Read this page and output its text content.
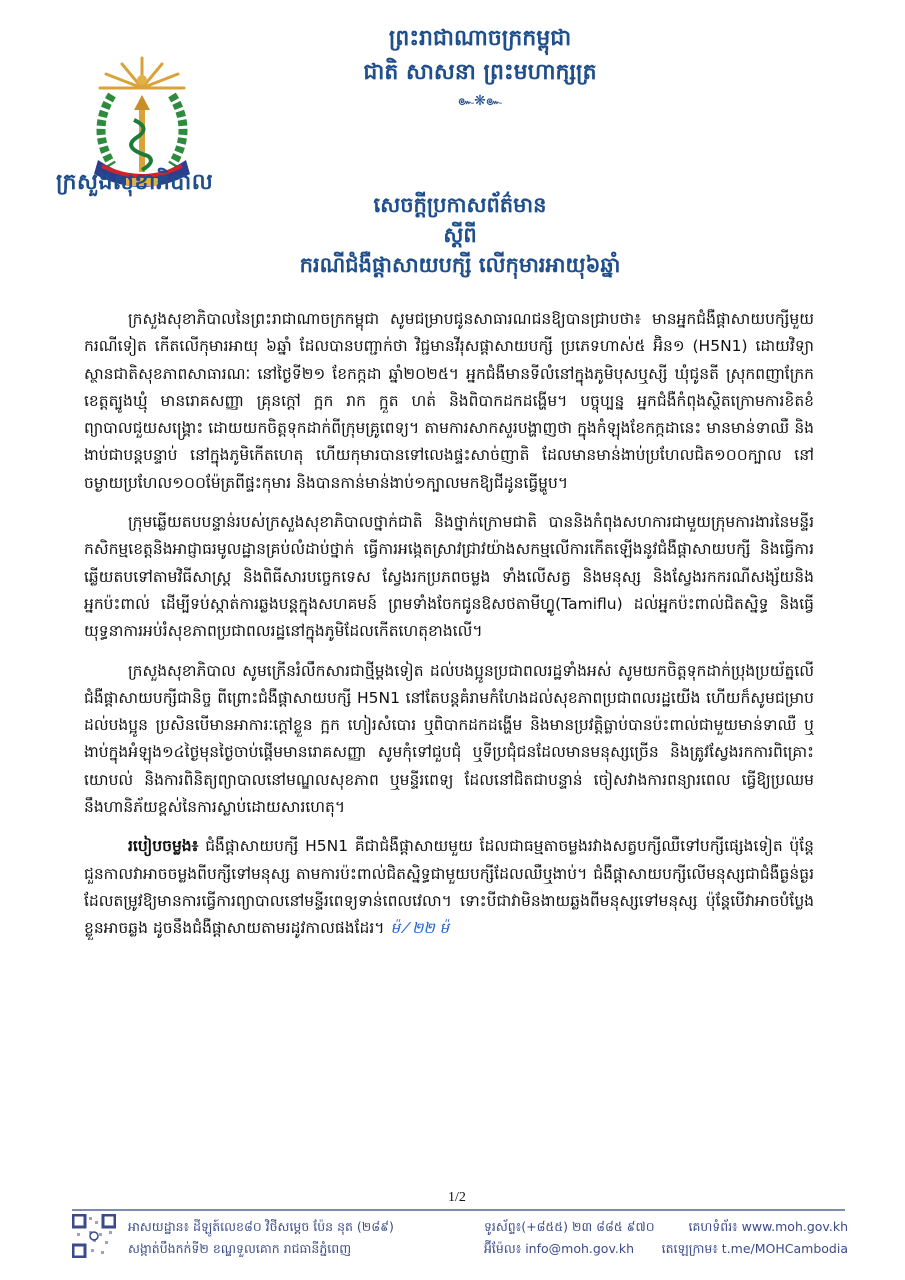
ក្រសួងសុខាភិបាល
ព្រះរាជាណាចក្រកម្ពុជា
ជាតិ សាសនា ព្រះមហាក្សត្រ
๛❋๛
សេចក្តីប្រកាសព័ត៌មាន
ស្តីពី
ករណីជំងឺផ្តាសាយបក្សី លើកុមារអាយុ៦ឆ្នាំ

ក្រសួងសុខាភិបាលនៃព្រះរាជាណាចក្រកម្ពុជា សូមជម្រាបជូនសាធារណជនឱ្យបានជ្រាបថា៖ មានអ្នកជំងឺផ្តាសាយបក្សីមួយករណីទៀត កើតលើកុមារអាយុ ៦ឆ្នាំ ដែលបានបញ្ជាក់ថា វិជ្ជមានវីរុសផ្តាសាយបក្សី ប្រភេទហាស់៥ អ៊ិន១ (H5N1) ដោយវិទ្យាស្ថានជាតិសុខភាពសាធារណៈ នៅថ្ងៃទី២១ ខែកក្កដា ឆ្នាំ២០២៥។ អ្នកជំងឺមានទីលំនៅក្នុងភូមិបុសឬស្សី ឃុំជូនតី ស្រុកពញាក្រែក ខេត្តត្បូងឃ្មុំ មានរោគសញ្ញា គ្រុនក្តៅ ក្អក រាក ក្អួត ហត់ និងពិបាកដកដង្ហើម។ បច្ចុប្បន្ន អ្នកជំងឺកំពុងស្ថិតក្រោមការខិតខំព្យាបាលជួយសង្គ្រោះ ដោយយកចិត្តទុកដាក់ពីក្រុមគ្រូពេទ្យ។ តាមការសាកសួរបង្ហាញថា ក្នុងកំឡុងខែកក្កដានេះ មានមាន់ទាឈឺ និងងាប់ជាបន្តបន្ទាប់ នៅក្នុងភូមិកើតហេតុ ហើយកុមារបានទៅលេងផ្ទះសាច់ញាតិ ដែលមានមាន់ងាប់ប្រហែលជិត១០០ក្បាល នៅចម្ងាយប្រហែល១០០ម៉ែត្រពីផ្ទះកុមារ និងបានកាន់មាន់ងាប់១ក្បាលមកឱ្យជីដូនធ្វើម្ហូប។

ក្រុមឆ្លើយតបបន្ទាន់របស់ក្រសួងសុខាភិបាលថ្នាក់ជាតិ និងថ្នាក់ក្រោមជាតិ បាននិងកំពុងសហការជាមួយក្រុមការងារនៃមន្ទីរកសិកម្មខេត្តនិងអាជ្ញាធរមូលដ្ឋានគ្រប់លំដាប់ថ្នាក់ ធ្វើការអង្កេតស្រាវជ្រាវយ៉ាងសកម្មលើការកើតឡើងនូវជំងឺផ្តាសាយបក្សី និងធ្វើការឆ្លើយតបទៅតាមវិធីសាស្ត្រ និងពិធីសារបច្ចេកទេស ស្វែងរកប្រភពចម្លង ទាំងលើសត្វ និងមនុស្ស និងស្វែងរកករណីសង្ស័យនិងអ្នកប៉ះពាល់ ដើម្បីទប់ស្កាត់ការឆ្លងបន្តក្នុងសហគមន៍ ព្រមទាំងចែកជូនឱសថតាមីហ្វ្លូ(Tamiflu) ដល់អ្នកប៉ះពាល់ជិតស្និទ្ធ និងធ្វើយុទ្ធនាការអប់រំសុខភាពប្រជាពលរដ្ឋនៅក្នុងភូមិដែលកើតហេតុខាងលើ។

ក្រសួងសុខាភិបាល សូមក្រើនរំលឹកសារជាថ្មីម្តងទៀត ដល់បងប្អូនប្រជាពលរដ្ឋទាំងអស់ សូមយកចិត្តទុកដាក់ប្រុងប្រយ័ត្នលើជំងឺផ្តាសាយបក្សីជានិច្ច ពីព្រោះជំងឺផ្តាសាយបក្សី H5N1 នៅតែបន្តគំរាមកំហែងដល់សុខភាពប្រជាពលរដ្ឋយើង ហើយក៏សូមជម្រាបដល់បងប្អូន ប្រសិនបើមានអាការៈក្តៅខ្លួន ក្អក ហៀរសំបោរ ឬពិបាកដកដង្ហើម និងមានប្រវត្តិធ្លាប់បានប៉ះពាល់ជាមួយមាន់ទាឈឺ ឬងាប់ក្នុងអំឡុង១៤ថ្ងៃមុនថ្ងៃចាប់ផ្តើមមានរោគសញ្ញា សូមកុំទៅជួបជុំ ឬទីប្រជុំជនដែលមានមនុស្សច្រើន និងត្រូវស្វែងរកការពិគ្រោះយោបល់ និងការពិនិត្យព្យាបាលនៅមណ្ឌលសុខភាព ឬមន្ទីរពេទ្យ ដែលនៅជិតជាបន្ទាន់ ចៀសវាងការពន្យារពេល ធ្វើឱ្យប្រឈមនឹងហានិភ័យខ្ពស់នៃការស្លាប់ដោយសារហេតុ។

របៀបចម្លង៖ ជំងឺផ្តាសាយបក្សី H5N1 គឺជាជំងឺផ្តាសាយមួយ ដែលជាធម្មតាចម្លងរវាងសត្វបក្សីឈឺទៅបក្សីផ្សេងទៀត ប៉ុន្តែជួនកាលវាអាចចម្លងពីបក្សីទៅមនុស្ស តាមការប៉ះពាល់ជិតស្និទ្ធជាមួយបក្សីដែលឈឺឬងាប់។ ជំងឺផ្តាសាយបក្សីលើមនុស្សជាជំងឺធ្ងន់ធ្ងរ ដែលតម្រូវឱ្យមានការធ្វើការព្យាបាលនៅមន្ទីរពេទ្យទាន់ពេលវេលា។ ទោះបីជាវាមិនងាយឆ្លងពីមនុស្សទៅមនុស្ស ប៉ុន្តែបើវាអាចបំប្លែងខ្លួនអាចឆ្លង ដូចនឹងជំងឺផ្តាសាយតាមរដូវកាលផងដែរ។ ម៉ ⁄ ២២ ម៉

1/2
អាសយដ្ឋាន៖ ដីឡូត៍លេខ៨០ វិថីសម្តេច ប៉ែន នុត (២៨៩)
សង្កាត់បឹងកក់ទី២ ខណ្ឌទួលគោក រាជធានីភ្នំពេញ
ទូរស័ព្ទ៖(+៨៥៥) ២៣ ៨៨៥ ៩៧០
អ៊ីម៉ែល៖ info@moh.gov.kh
គេហទំព័រ៖ www.moh.gov.kh
តេឡេក្រាម៖ t.me/MOHCambodia
